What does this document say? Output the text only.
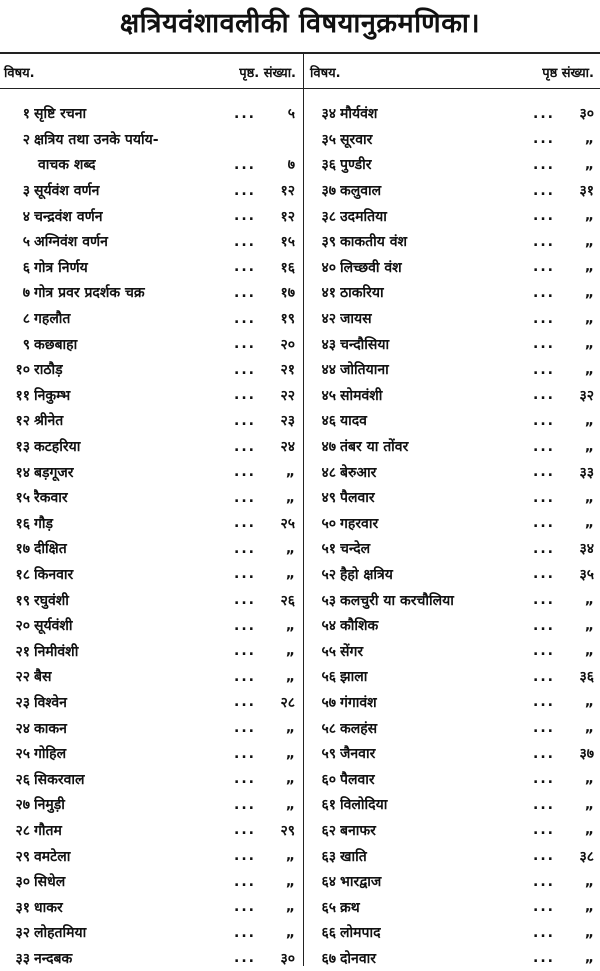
क्षत्रियवंशावलीकी विषयानुक्रमणिका।
विषय.	पृष्ठ. संख्या. विषय.	पृष्ठ संख्या.
१ सृष्टि रचना	...	५
२ क्षत्रिय तथा उनके पर्याय-
वाचक शब्द	...	७
३ सूर्यवंश वर्णन	...	१२
४ चन्द्रवंश वर्णन	...	१२
५ अग्निवंश वर्णन	...	१५
६ गोत्र निर्णय	...	१६
७ गोत्र प्रवर प्रदर्शक चक्र	...	१७
८ गहलौत	...	१९
९ कछबाहा	...	२०
१० राठौड़	...	२१
११ निकुम्भ	...	२२
१२ श्रीनेत	...	२३
१३ कटहरिया	...	२४
१४ बड़गूजर	...	„
१५ रैकवार	...	„
१६ गौड़	...	२५
१७ दीक्षित	...	„
१८ किनवार	...	„
१९ रघुवंशी	...	२६
२० सूर्यवंशी	...	„
२१ निमीवंशी	...	„
२२ बैस	...	„
२३ विश्वेन	...	२८
२४ काकन	...	„
२५ गोहिल	...	„
२६ सिकरवाल	...	„
२७ निमुड़ी	...	„
२८ गौतम	...	२९
२९ वमटेला	...	„
३० सिधेल	...	„
३१ धाकर	...	„
३२ लोहतमिया	...	„
३३ नन्दबक	...	३०
३४ मौर्यवंश	...	३०
३५ सूरवार	...	„
३६ पुण्डीर	...	„
३७ कलुवाल	...	३१
३८ उदमतिया	...	„
३९ काकतीय वंश	...	„
४० लिच्छवी वंश	...	„
४१ ठाकरिया	...	„
४२ जायस	...	„
४३ चन्दौसिया	...	„
४४ जोतियाना	...	„
४५ सोमवंशी	...	३२
४६ यादव	...	„
४७ तंबर या तोंवर	...	„
४८ बेरुआर	...	३३
४९ पैलवार	...	„
५० गहरवार	...	„
५१ चन्देल	...	३४
५२ हैहो क्षत्रिय	...	३५
५३ कलचुरी या करचौलिया	...	„
५४ कौशिक	...	„
५५ सेंगर	...	„
५६ झाला	...	३६
५७ गंगावंश	...	„
५८ कलहंस	...	„
५९ जैनवार	...	३७
६० पैलवार	...	„
६१ विलोदिया	...	„
६२ बनाफर	...	„
६३ खाति	...	३८
६४ भारद्वाज	...	„
६५ क्रथ	...	„
६६ लोमपाद	...	„
६७ दोनवार	...	„
